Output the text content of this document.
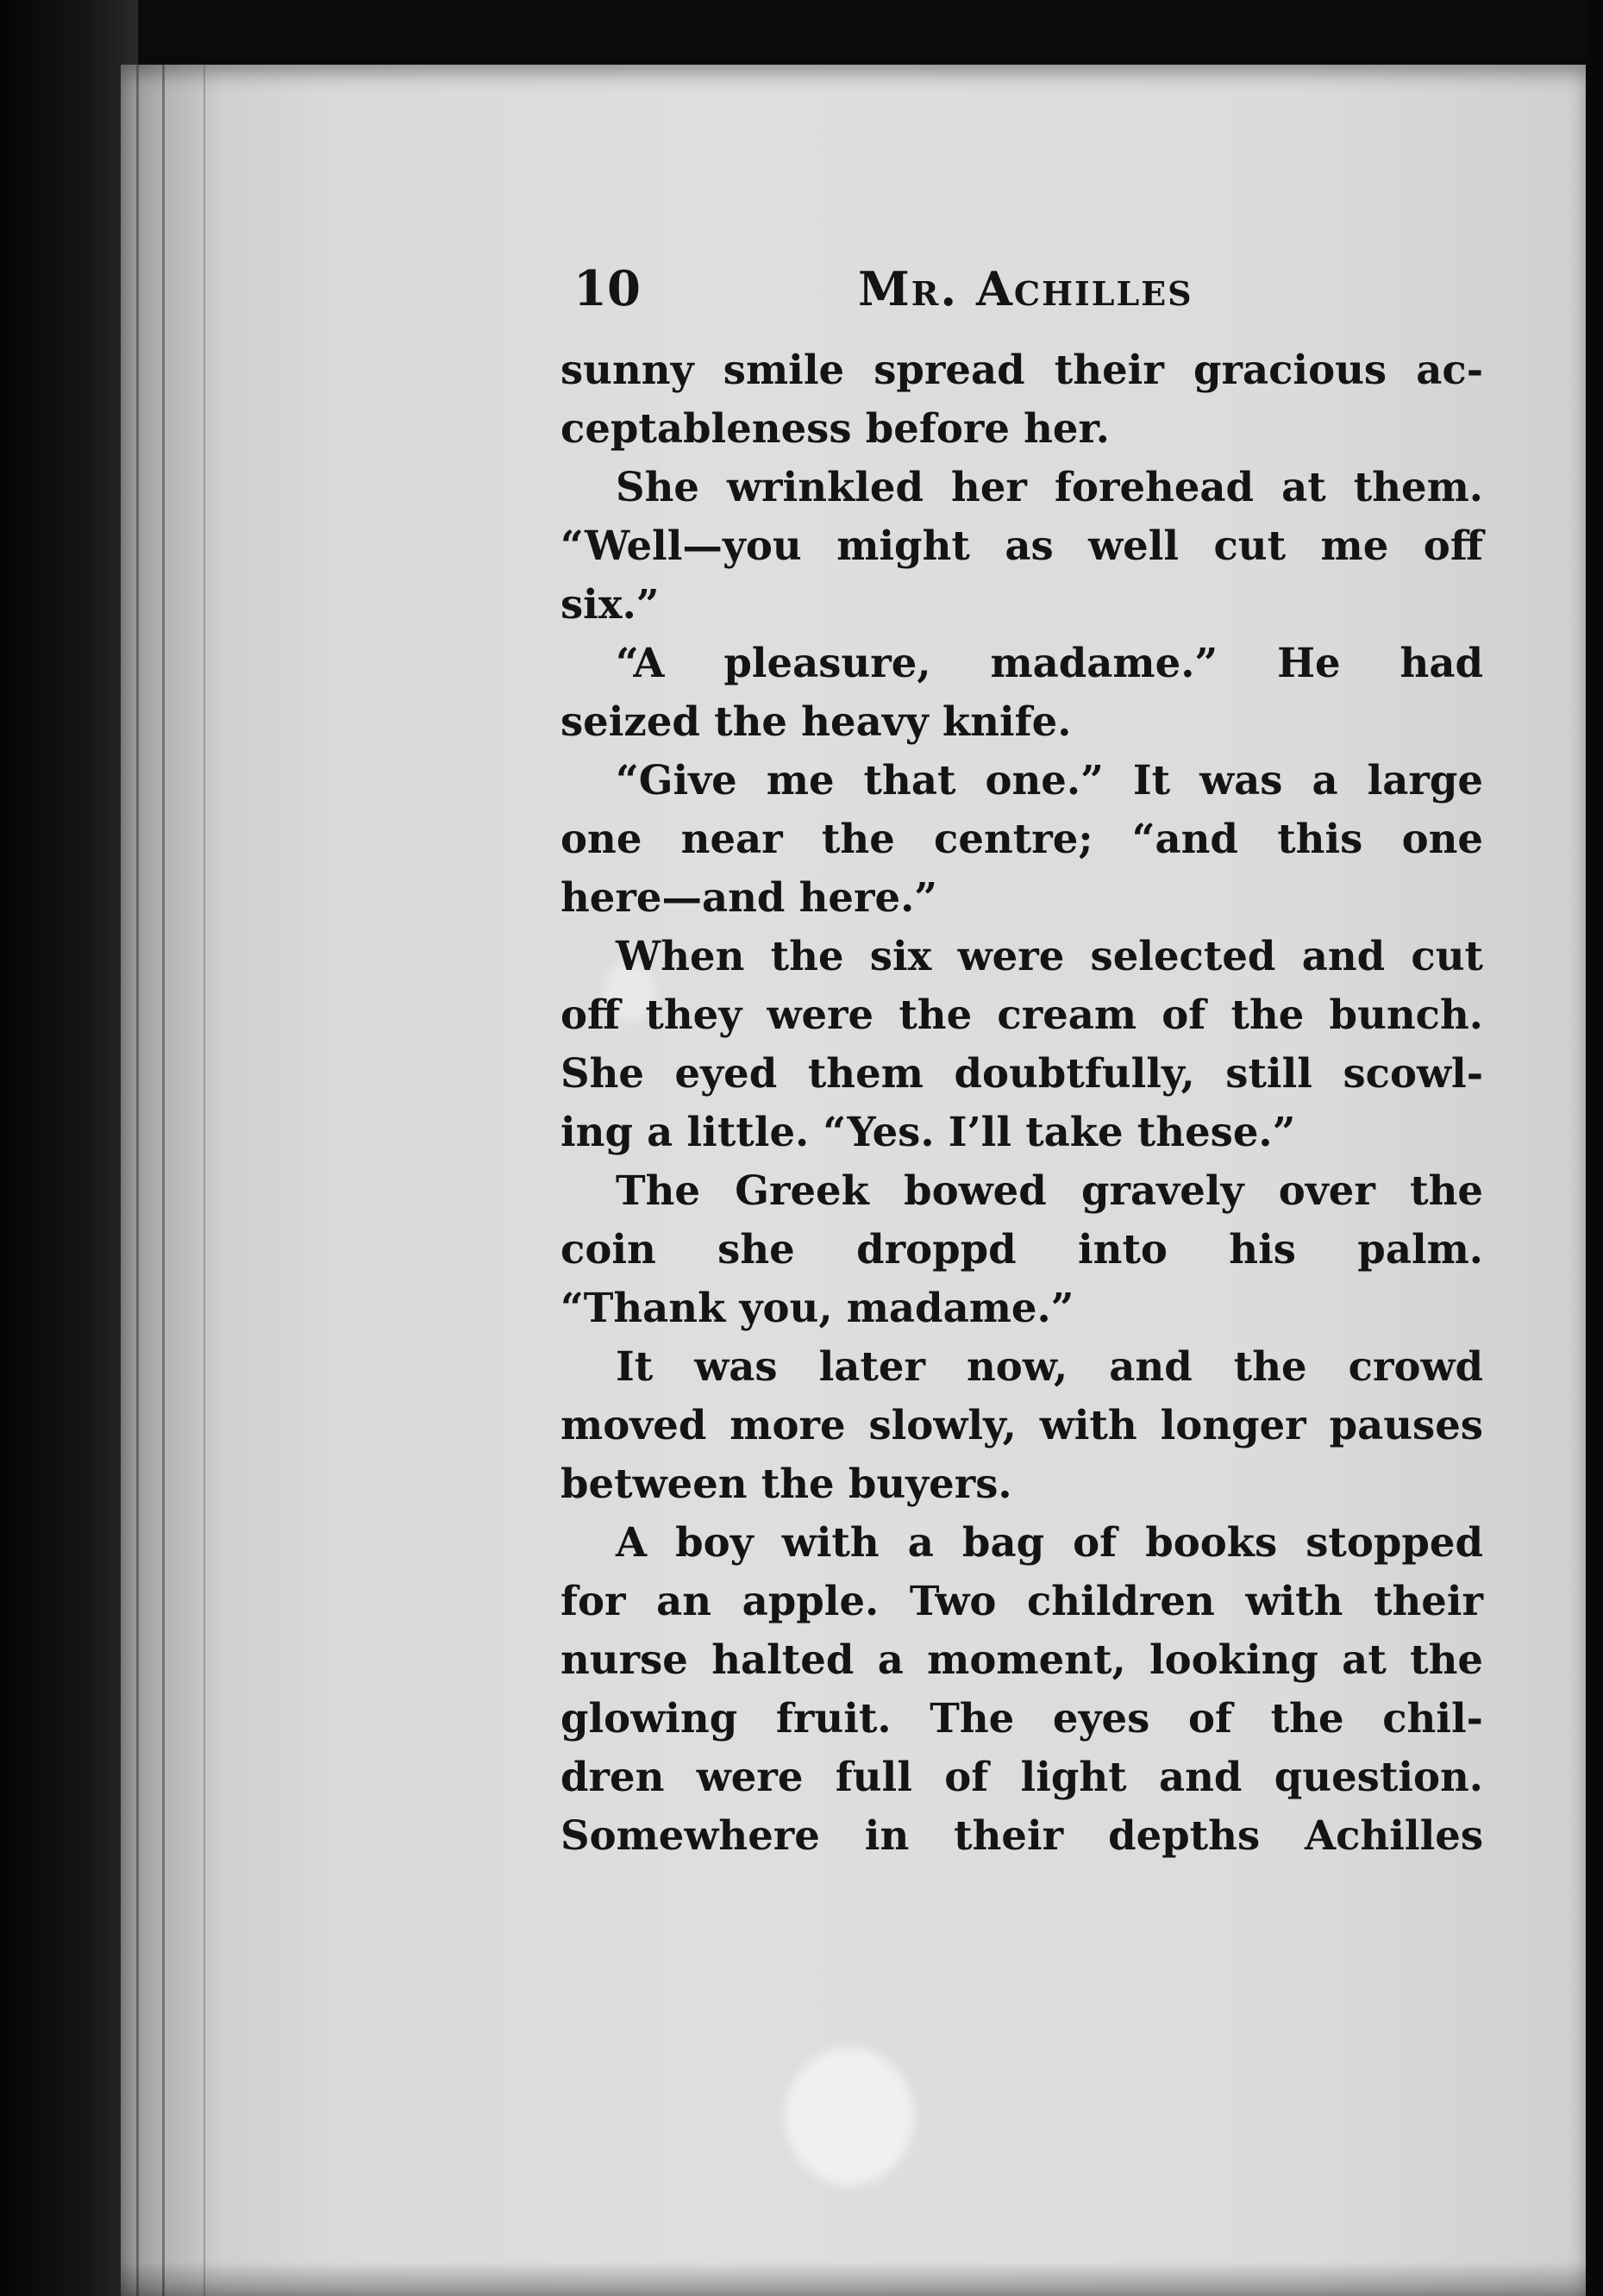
10	Mr. Achilles
sunny smile spread their gracious ac-
ceptableness before her.
She wrinkled her forehead at them.
“Well—you might as well cut me off
six.”
“A pleasure, madame.” He had
seized the heavy knife.
“Give me that one.” It was a large
one near the centre; “and this one
here—and here.”
When the six were selected and cut
off they were the cream of the bunch.
She eyed them doubtfully, still scowl-
ing a little. “Yes. I’ll take these.”
The Greek bowed gravely over the
coin she droppd into his palm.
“Thank you, madame.”
It was later now, and the crowd
moved more slowly, with longer pauses
between the buyers.
A boy with a bag of books stopped
for an apple. Two children with their
nurse halted a moment, looking at the
glowing fruit. The eyes of the chil-
dren were full of light and question.
Somewhere in their depths Achilles
